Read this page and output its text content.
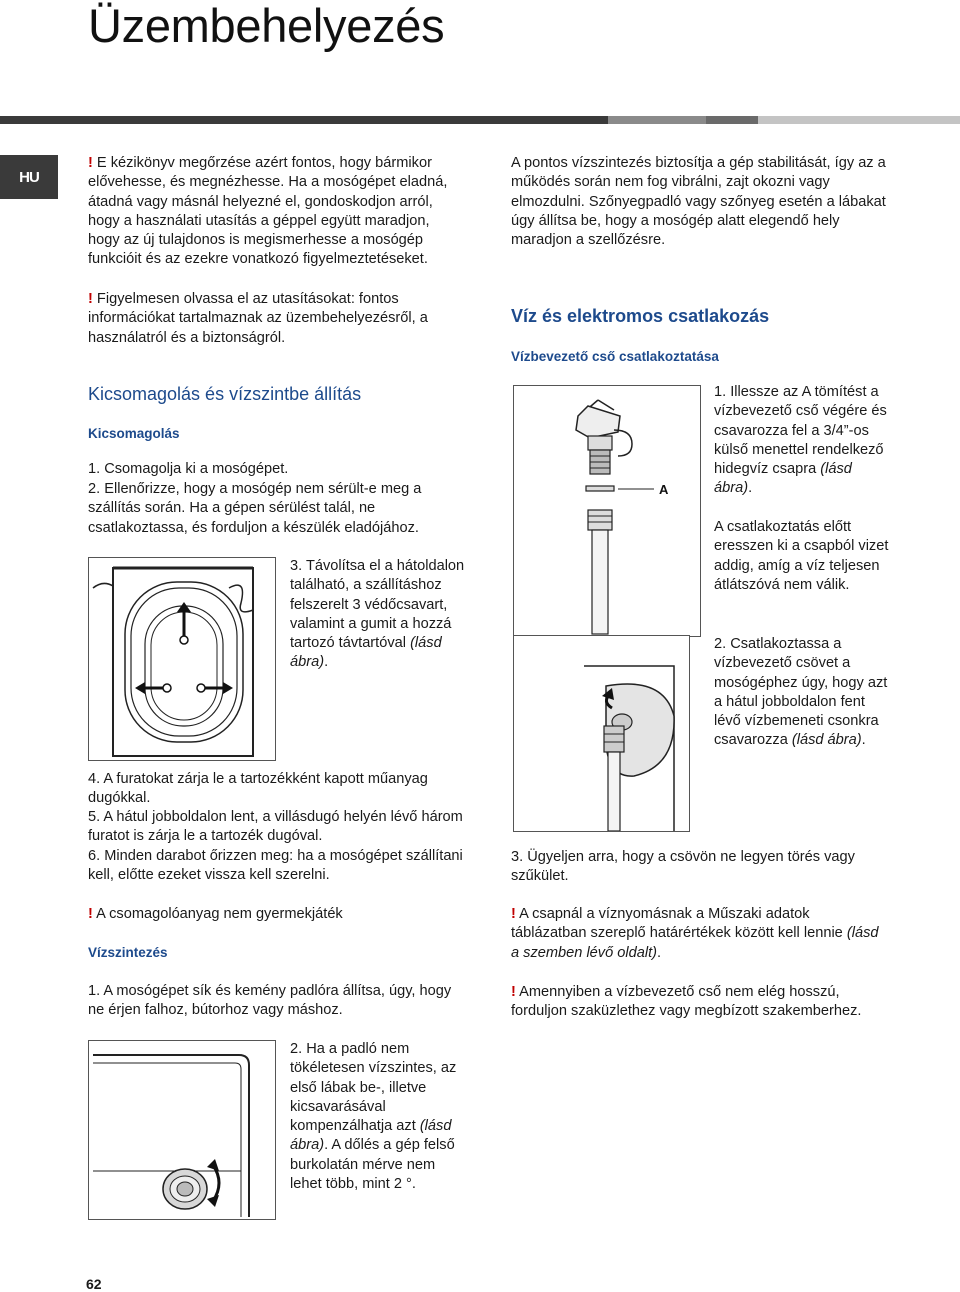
Üzembehelyezés
HU

! E kézikönyv megőrzése azért fontos, hogy bármikor elővehesse, és megnézhesse. Ha a mosógépet eladná, átadná vagy másnál helyezné el, gondoskodjon arról, hogy a használati utasítás a géppel együtt maradjon, hogy az új tulajdonos is megismerhesse a mosógép funkcióit és az ezekre vonatkozó figyelmeztetéseket.

! Figyelmesen olvassa el az utasításokat: fontos információkat tartalmaznak az üzembehelyezésről, a használatról és a biztonságról.

Kicsomagolás és vízszintbe állítás
Kicsomagolás

1. Csomagolja ki a mosógépet.

2. Ellenőrizze, hogy a mosógép nem sérült-e meg a szállítás során. Ha a gépen sérülést talál, ne csatlakoztassa, és forduljon a készülék eladójához.

3. Távolítsa el a hátoldalon található, a szállításhoz felszerelt 3 védőcsavart, valamint a gumit a hozzá tartozó távtartóval (lásd ábra).

4. A furatokat zárja le a tartozékként kapott műanyag dugókkal.

5. A hátul jobboldalon lent, a villásdugó helyén lévő három furatot is zárja le a tartozék dugóval.

6. Minden darabot őrizzen meg: ha a mosógépet szállítani kell, előtte ezeket vissza kell szerelni.

! A csomagolóanyag nem gyermekjáték

Vízszintezés

1. A mosógépet sík és kemény padlóra állítsa, úgy, hogy ne érjen falhoz, bútorhoz vagy máshoz.

2. Ha a padló nem tökéletesen vízszintes, az első lábak be-, illetve kicsavarásával kompenzálhatja azt (lásd ábra). A dőlés a gép felső burkolatán mérve nem lehet több, mint 2 °.

A pontos vízszintezés biztosítja a gép stabilitását, így az a működés során nem fog vibrálni, zajt okozni vagy elmozdulni. Szőnyegpadló vagy szőnyeg esetén a lábakat úgy állítsa be, hogy a mosógép alatt elegendő hely maradjon a szellőzésre.

Víz és elektromos csatlakozás
Vízbevezető cső csatlakoztatása
A

1. Illessze az A tömítést a vízbevezető cső végére és csavarozza fel a 3/4”-os külső menettel rendelkező hidegvíz csapra (lásd ábra).

A csatlakoztatás előtt eresszen ki a csapból vizet addig, amíg a víz teljesen átlátszóvá nem válik.

2. Csatlakoztassa a vízbevezető csövet a mosógéphez úgy, hogy azt a hátul jobboldalon fent lévő vízbemeneti csonkra csavarozza (lásd ábra).

3. Ügyeljen arra, hogy a csövön ne legyen törés vagy szűkület.

! A csapnál a víznyomásnak a Műszaki adatok táblázatban szereplő határértékek között kell lennie (lásd a szemben lévő oldalt).

! Amennyiben a vízbevezető cső nem elég hosszú, forduljon szaküzlethez vagy megbízott szakemberhez.

62
